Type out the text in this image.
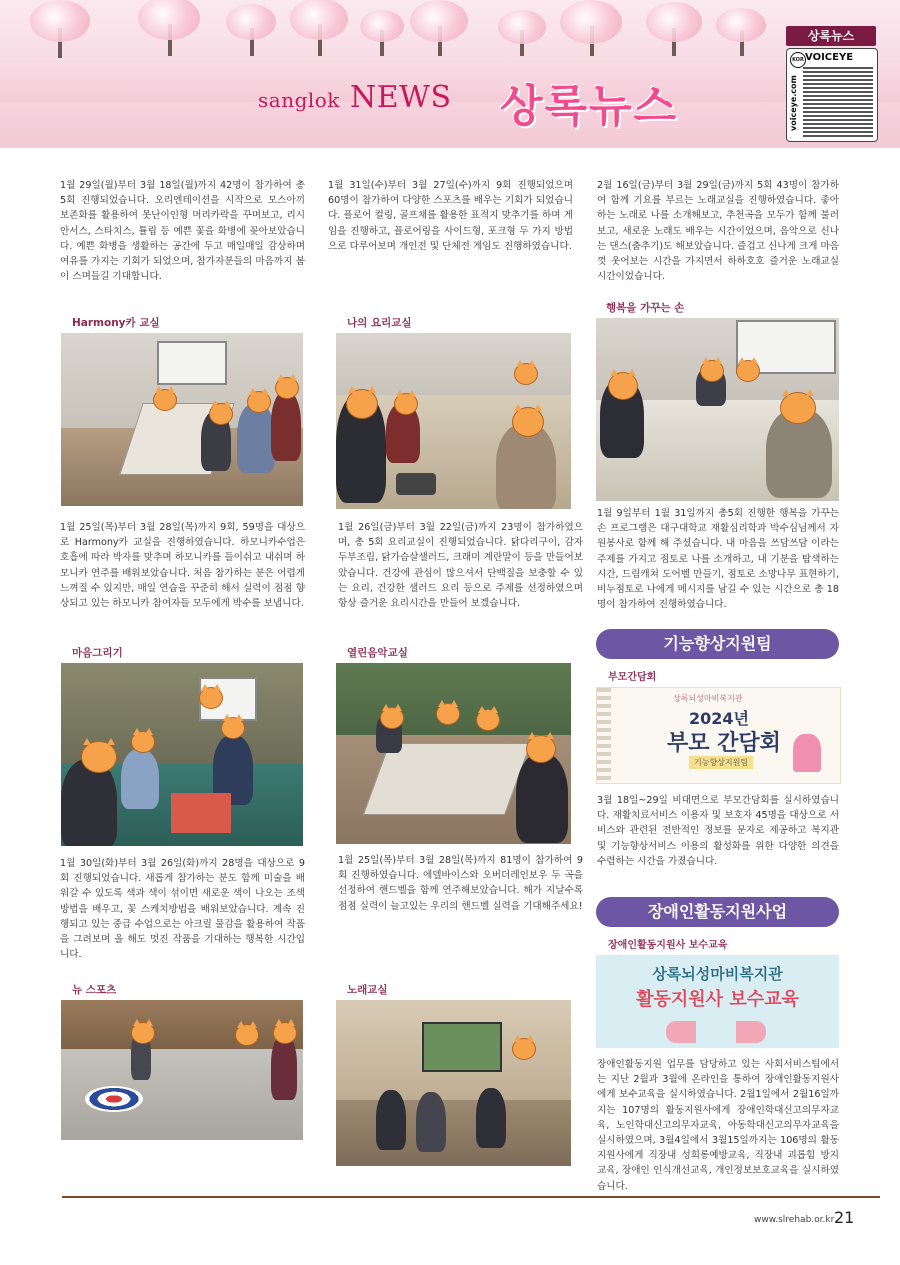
sanglok NEWS 상록뉴스
상록뉴스
KOR VOICEYE
voiceye.com

1월 29일(월)부터 3월 18일(월)까지 42명이 참가하여 총 5회 진행되었습니다. 오리엔테이션을 시작으로 모스아끼 보존화를 활용하여 못난이인형 머리카락을 꾸며보고, 리시안서스, 스타치스, 튤립 등 예쁜 꽃을 화병에 꽂아보았습니다. 예쁜 화병을 생활하는 공간에 두고 매일매일 감상하며 여유를 가지는 기회가 되었으며, 참가자분들의 마음까지 봄이 스며들길 기대합니다.

Harmony카 교실

1월 25일(목)부터 3월 28일(목)까지 9회, 59명을 대상으로 Harmony카 교실을 진행하였습니다. 하모니카수업은 호흡에 따라 박자를 맞추며 하모니카를 들이쉬고 내쉬며 하모니카 연주를 배워보았습니다. 처음 참가하는 분은 어렵게 느껴질 수 있지만, 매일 연습을 꾸준히 해서 실력이 점점 향상되고 있는 하모니카 참여자들 모두에게 박수를 보냅니다.

마음그리기

1월 30일(화)부터 3월 26일(화)까지 28명을 대상으로 9회 진행되었습니다. 새롭게 참가하는 분도 함께 미술을 배워갈 수 있도록 색과 색이 섞이면 새로운 색이 나오는 조색방법을 배우고, 꽃 스케치방법을 배워보았습니다. 계속 진행되고 있는 중급 수업으로는 아크릴 물감을 활용하여 작품을 그려보며 올 해도 멋진 작품을 기대하는 행복한 시간입니다.

뉴 스포츠

1월 31일(수)부터 3월 27일(수)까지 9회 진행되었으며 60명이 참가하여 다양한 스포츠를 배우는 기회가 되었습니다. 플로어 컬링, 골프채를 활용한 표적지 맞추기를 하며 게임을 진행하고, 플로어링을 사이드형, 포크형 두 가지 방법으로 다루어보며 개인전 및 단체전 게임도 진행하였습니다.

나의 요리교실

1월 26일(금)부터 3월 22일(금)까지 23명이 참가하였으며, 총 5회 요리교실이 진행되었습니다. 닭다리구이, 감자두부조림, 닭가슴살샐러드, 크래미 계란말이 등을 만들어보았습니다. 건강에 관심이 많으셔서 단백질을 보충할 수 있는 요리, 건강한 샐러드 요리 등으로 주제를 선정하였으며 항상 즐거운 요리시간을 만들어 보겠습니다.

열린음악교실

1월 25일(목)부터 3월 28일(목)까지 81명이 참가하여 9회 진행하였습니다. 에델바이스와 오버더레인보우 두 곡을 선정하여 핸드벨을 함께 연주해보았습니다. 해가 지날수록 점점 실력이 늘고있는 우리의 핸드벨 실력을 기대해주세요!

노래교실

2월 16일(금)부터 3월 29일(금)까지 5회 43명이 참가하여 함께 기요를 부르는 노래교실을 진행하였습니다. 좋아하는 노래로 나를 소개해보고, 추천곡을 모두가 함께 불러보고, 새로운 노래도 배우는 시간이었으며, 음악으로 신나는 댄스(춤추기)도 해보았습니다. 즐겁고 신나게 크게 마음껏 웃어보는 시간을 가지면서 하하호호 즐거운 노래교실 시간이었습니다.

행복을 가꾸는 손

1월 9일부터 1월 31일까지 총5회 진행한 행복을 가꾸는 손 프로그램은 대구대학교 재활심리학과 박수심님께서 자원봉사로 함께 해 주셨습니다. 내 마음을 쓰담쓰담 이라는 주제를 가지고 점토로 나를 소개하고, 내 기분을 탐색하는 시간, 드림캐쳐 도어벨 만들기, 점토로 소망나무 표현하기, 비누점토로 나에게 메시지를 남길 수 있는 시간으로 총 18명이 참가하여 진행하였습니다.

기능향상지원팀
부모간담회
상록뇌성마비복지관
2024년
부모 간담회
기능향상지원팀

3월 18일~29일 비대면으로 부모간담회를 실시하였습니다. 재활치료서비스 이용자 및 보호자 45명을 대상으로 서비스와 관련된 전반적인 정보를 문자로 제공하고 복지관 및 기능향상서비스 이용의 활성화를 위한 다양한 의견을 수렴하는 시간을 가졌습니다.

장애인활동지원사업
장애인활동지원사 보수교육
상록뇌성마비복지관
활동지원사 보수교육

장애인활동지원 업무를 담당하고 있는 사회서비스팀에서는 지난 2월과 3월에 온라인을 통하여 장애인활동지원사에게 보수교육을 실시하였습니다. 2월1일에서 2월16일까지는 107명의 활동지원사에게 장애인학대신고의무자교육, 노인학대신고의무자교육, 아동학대신고의무자교육을 실시하였으며, 3월4일에서 3월15일까지는 106명의 활동지원사에게 직장내 성희롱예방교육, 직장내 괴롭힘 방지 교육, 장애인 인식개선교육, 개인정보보호교육을 실시하였습니다.

www.slrehab.or.kr 21
